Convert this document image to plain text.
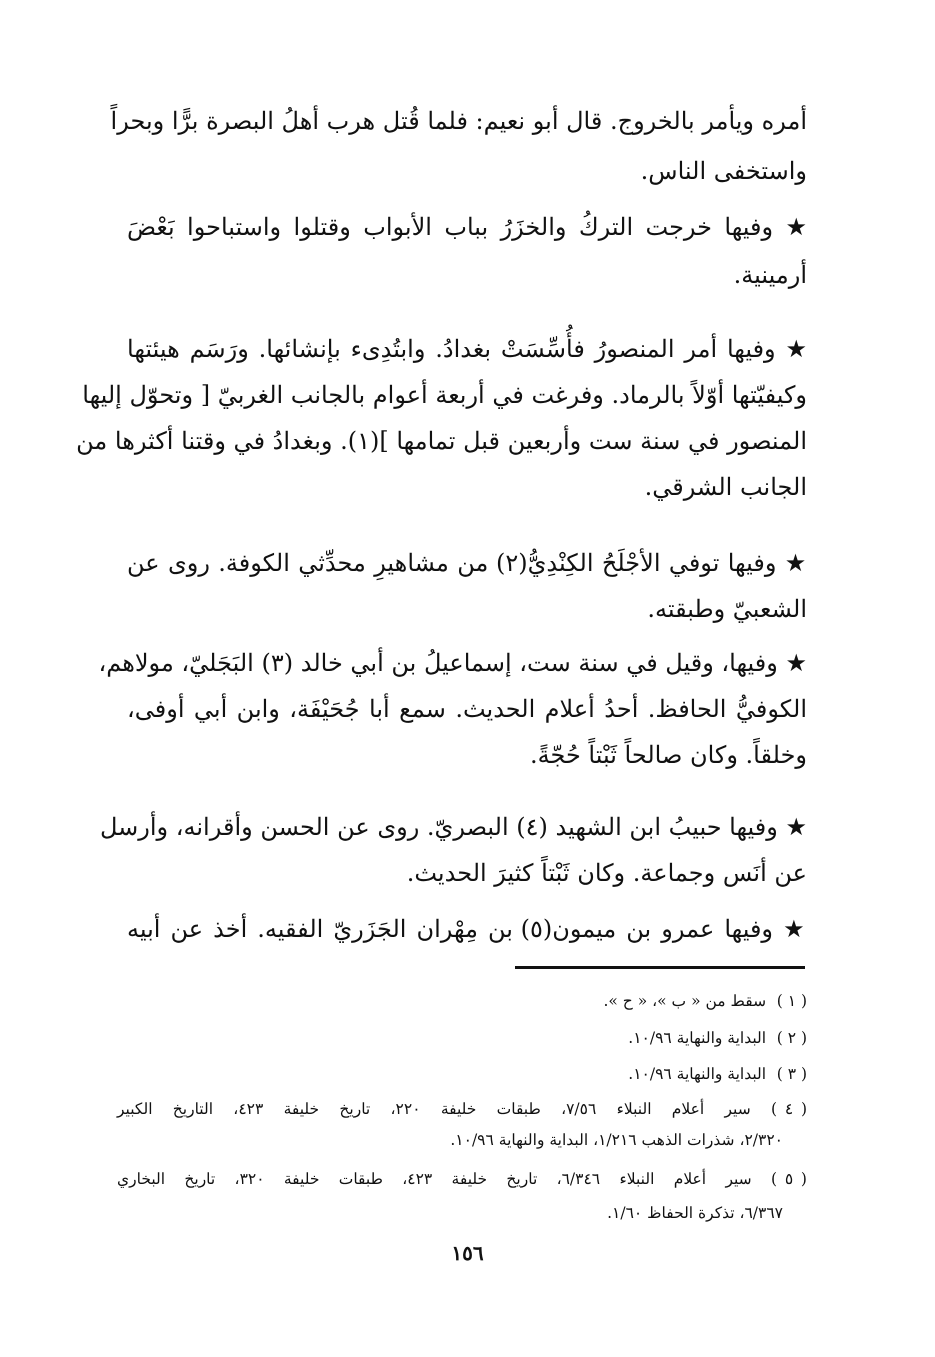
أمره ويأمر بالخروج. قال أبو نعيم: فلما قُتل هرب أهلُ البصرة برًّا وبحراً
واستخفى الناس.
★ وفيها خرجت التركُ والخزَرُ بباب الأبواب وقتلوا واستباحوا بَعْضَ
أرمينية.
★ وفيها أمر المنصورُ فأُسِّسَتْ بغدادُ. وابتُدِىء بإنشائها. ورَسَم هيئتها
وكيفيّتها أوّلاً بالرماد. وفرغت في أربعة أعوام بالجانب الغربيّ [ وتحوّل إليها
المنصور في سنة ست وأربعين قبل تمامها ](١). وبغدادُ في وقتنا أكثرها من
الجانب الشرقي.
★ وفيها توفي الأجْلَحُ الكِنْدِيُّ(٢) من مشاهيرِ محدِّثي الكوفة. روى عن
الشعبيّ وطبقته.
★ وفيها، وقيل في سنة ست، إسماعيلُ بن أبي خالد (٣) البَجَليّ، مولاهم،
الكوفيُّ الحافظ. أحدُ أعلام الحديث. سمع أبا جُحَيْفَة، وابن أبي أوفى،
وخلقاً. وكان صالحاً ثَبْتاً حُجّةً.
★ وفيها حبيبُ ابن الشهيد (٤) البصريّ. روى عن الحسن وأقرانه، وأرسل
عن أنَس وجماعة. وكان ثَبْتاً كثيرَ الحديث.
★ وفيها عمرو بن ميمون(٥) بن مِهْران الجَزَريّ الفقيه. أخذ عن أبيه
( ١ ) سقط من « ب »، « ح ».
( ٢ ) البداية والنهاية ١٠/٩٦.
( ٣ ) البداية والنهاية ١٠/٩٦.
( ٤ ) سير أعلام النبلاء ٧/٥٦، طبقات خليفة ٢٢٠، تاريخ خليفة ٤٢٣، التاريخ الكبير
٢/٣٢٠، شذرات الذهب ١/٢١٦، البداية والنهاية ١٠/٩٦.
( ٥ ) سير أعلام النبلاء ٦/٣٤٦، تاريخ خليفة ٤٢٣، طبقات خليفة ٣٢٠، تاريخ البخاري
٦/٣٦٧، تذكرة الحفاظ ١/٦٠.
١٥٦
